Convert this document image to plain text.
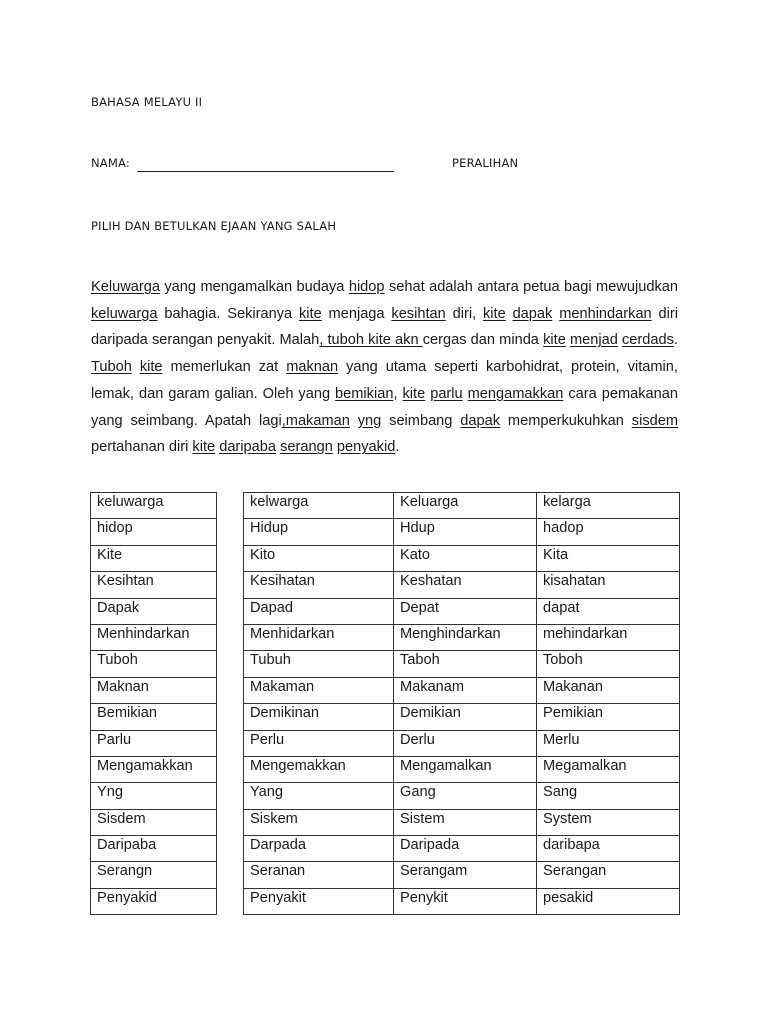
BAHASA MELAYU II
NAMA:	PERALIHAN
PILIH DAN BETULKAN EJAAN YANG SALAH
Keluwarga yang mengamalkan budaya hidop sehat adalah antara petua bagi mewujudkan keluwarga bahagia. Sekiranya kite menjaga kesihtan diri, kite dapak menhindarkan diri daripada serangan penyakit. Malah, tuboh kite akn cergas dan minda kite menjad cerdads. Tuboh kite memerlukan zat maknan yang utama seperti karbohidrat, protein, vitamin, lemak, dan garam galian. Oleh yang bemikian, kite parlu mengamakkan cara pemakanan yang seimbang. Apatah lagi,makaman yng seimbang dapak memperkukuhkan sisdem pertahanan diri kite daripaba serangn penyakid.
keluwarga
hidop
Kite
Kesihtan
Dapak
Menhindarkan
Tuboh
Maknan
Bemikian
Parlu
Mengamakkan
Yng
Sisdem
Daripaba
Serangn
Penyakid
kelwarga	Keluarga	kelarga
Hidup	Hdup	hadop
Kito	Kato	Kita
Kesihatan	Keshatan	kisahatan
Dapad	Depat	dapat
Menhidarkan	Menghindarkan	mehindarkan
Tubuh	Taboh	Toboh
Makaman	Makanam	Makanan
Demikinan	Demikian	Pemikian
Perlu	Derlu	Merlu
Mengemakkan	Mengamalkan	Megamalkan
Yang	Gang	Sang
Siskem	Sistem	System
Darpada	Daripada	daribapa
Seranan	Serangam	Serangan
Penyakit	Penykit	pesakid
